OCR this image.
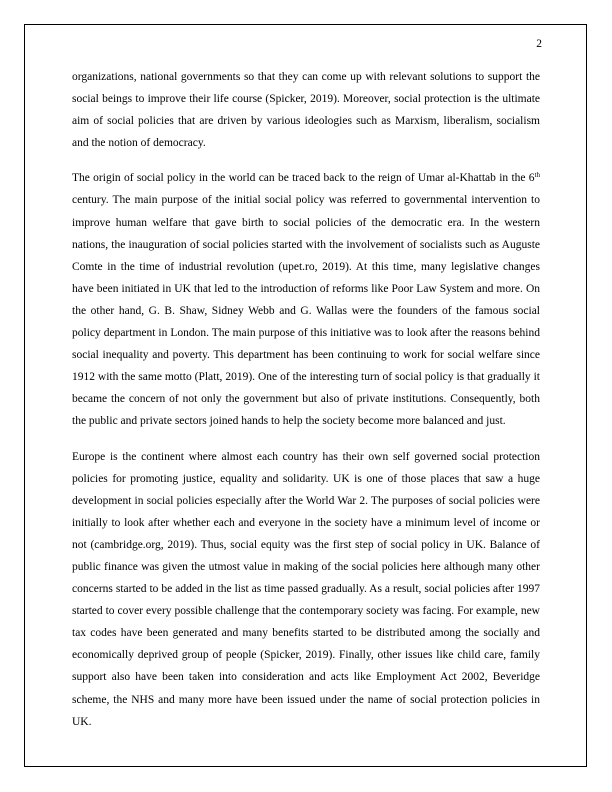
2

organizations, national governments so that they can come up with relevant solutions to support the social beings to improve their life course (Spicker, 2019). Moreover, social protection is the ultimate aim of social policies that are driven by various ideologies such as Marxism, liberalism, socialism and the notion of democracy.

The origin of social policy in the world can be traced back to the reign of Umar al-Khattab in the 6th century. The main purpose of the initial social policy was referred to governmental intervention to improve human welfare that gave birth to social policies of the democratic era. In the western nations, the inauguration of social policies started with the involvement of socialists such as Auguste Comte in the time of industrial revolution (upet.ro, 2019). At this time, many legislative changes have been initiated in UK that led to the introduction of reforms like Poor Law System and more. On the other hand, G. B. Shaw, Sidney Webb and G. Wallas were the founders of the famous social policy department in London. The main purpose of this initiative was to look after the reasons behind social inequality and poverty. This department has been continuing to work for social welfare since 1912 with the same motto (Platt, 2019). One of the interesting turn of social policy is that gradually it became the concern of not only the government but also of private institutions. Consequently, both the public and private sectors joined hands to help the society become more balanced and just.

Europe is the continent where almost each country has their own self governed social protection policies for promoting justice, equality and solidarity. UK is one of those places that saw a huge development in social policies especially after the World War 2. The purposes of social policies were initially to look after whether each and everyone in the society have a minimum level of income or not (cambridge.org, 2019). Thus, social equity was the first step of social policy in UK. Balance of public finance was given the utmost value in making of the social policies here although many other concerns started to be added in the list as time passed gradually. As a result, social policies after 1997 started to cover every possible challenge that the contemporary society was facing. For example, new tax codes have been generated and many benefits started to be distributed among the socially and economically deprived group of people (Spicker, 2019). Finally, other issues like child care, family support also have been taken into consideration and acts like Employment Act 2002, Beveridge scheme, the NHS and many more have been issued under the name of social protection policies in UK.
